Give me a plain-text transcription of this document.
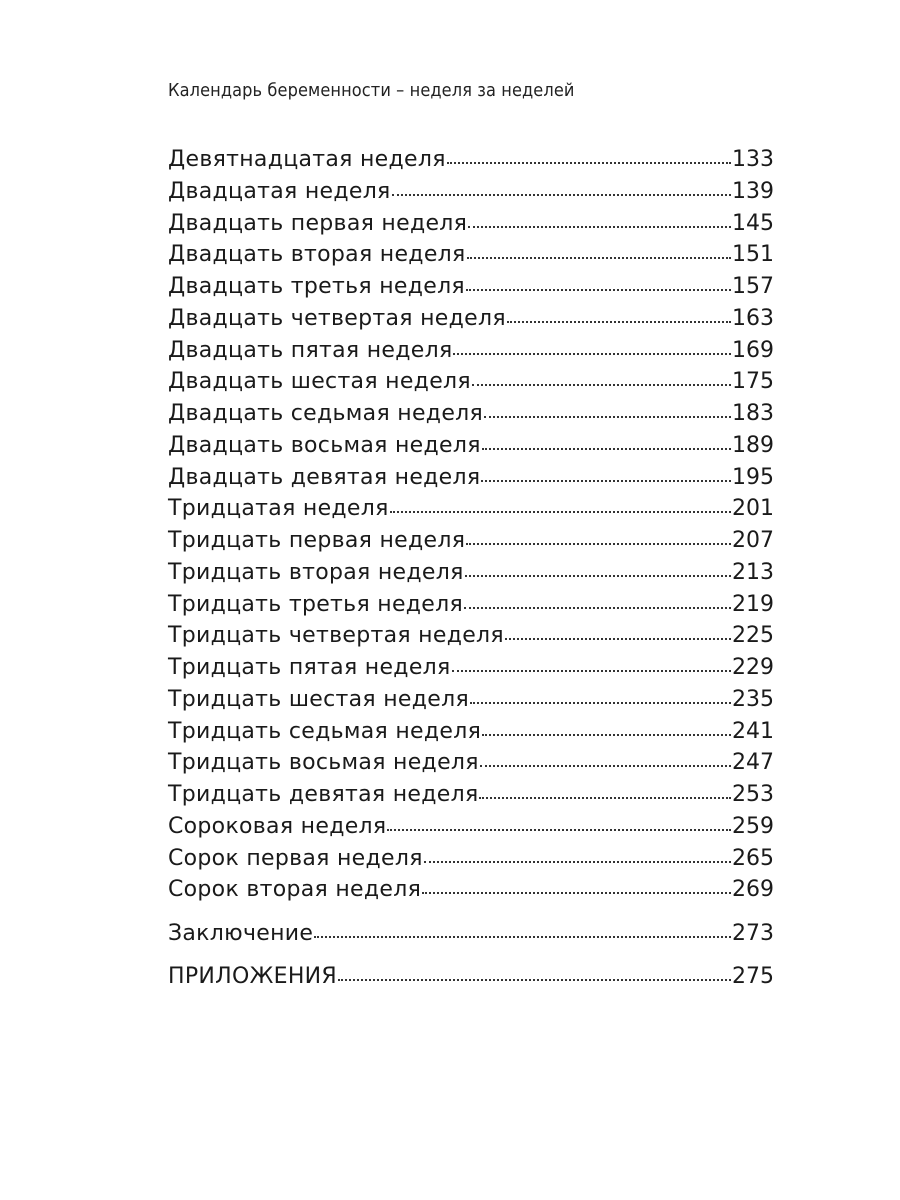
Календарь беременности – неделя за неделей
Девятнадцатая неделя	133
Двадцатая неделя	139
Двадцать первая неделя	145
Двадцать вторая неделя	151
Двадцать третья неделя	157
Двадцать четвертая неделя	163
Двадцать пятая неделя	169
Двадцать шестая неделя	175
Двадцать седьмая неделя	183
Двадцать восьмая неделя	189
Двадцать девятая неделя	195
Тридцатая неделя	201
Тридцать первая неделя	207
Тридцать вторая неделя	213
Тридцать третья неделя	219
Тридцать четвертая неделя	225
Тридцать пятая неделя	229
Тридцать шестая неделя	235
Тридцать седьмая неделя	241
Тридцать восьмая неделя	247
Тридцать девятая неделя	253
Сороковая неделя	259
Сорок первая неделя	265
Сорок вторая неделя	269
Заключение	273
ПРИЛОЖЕНИЯ	275
